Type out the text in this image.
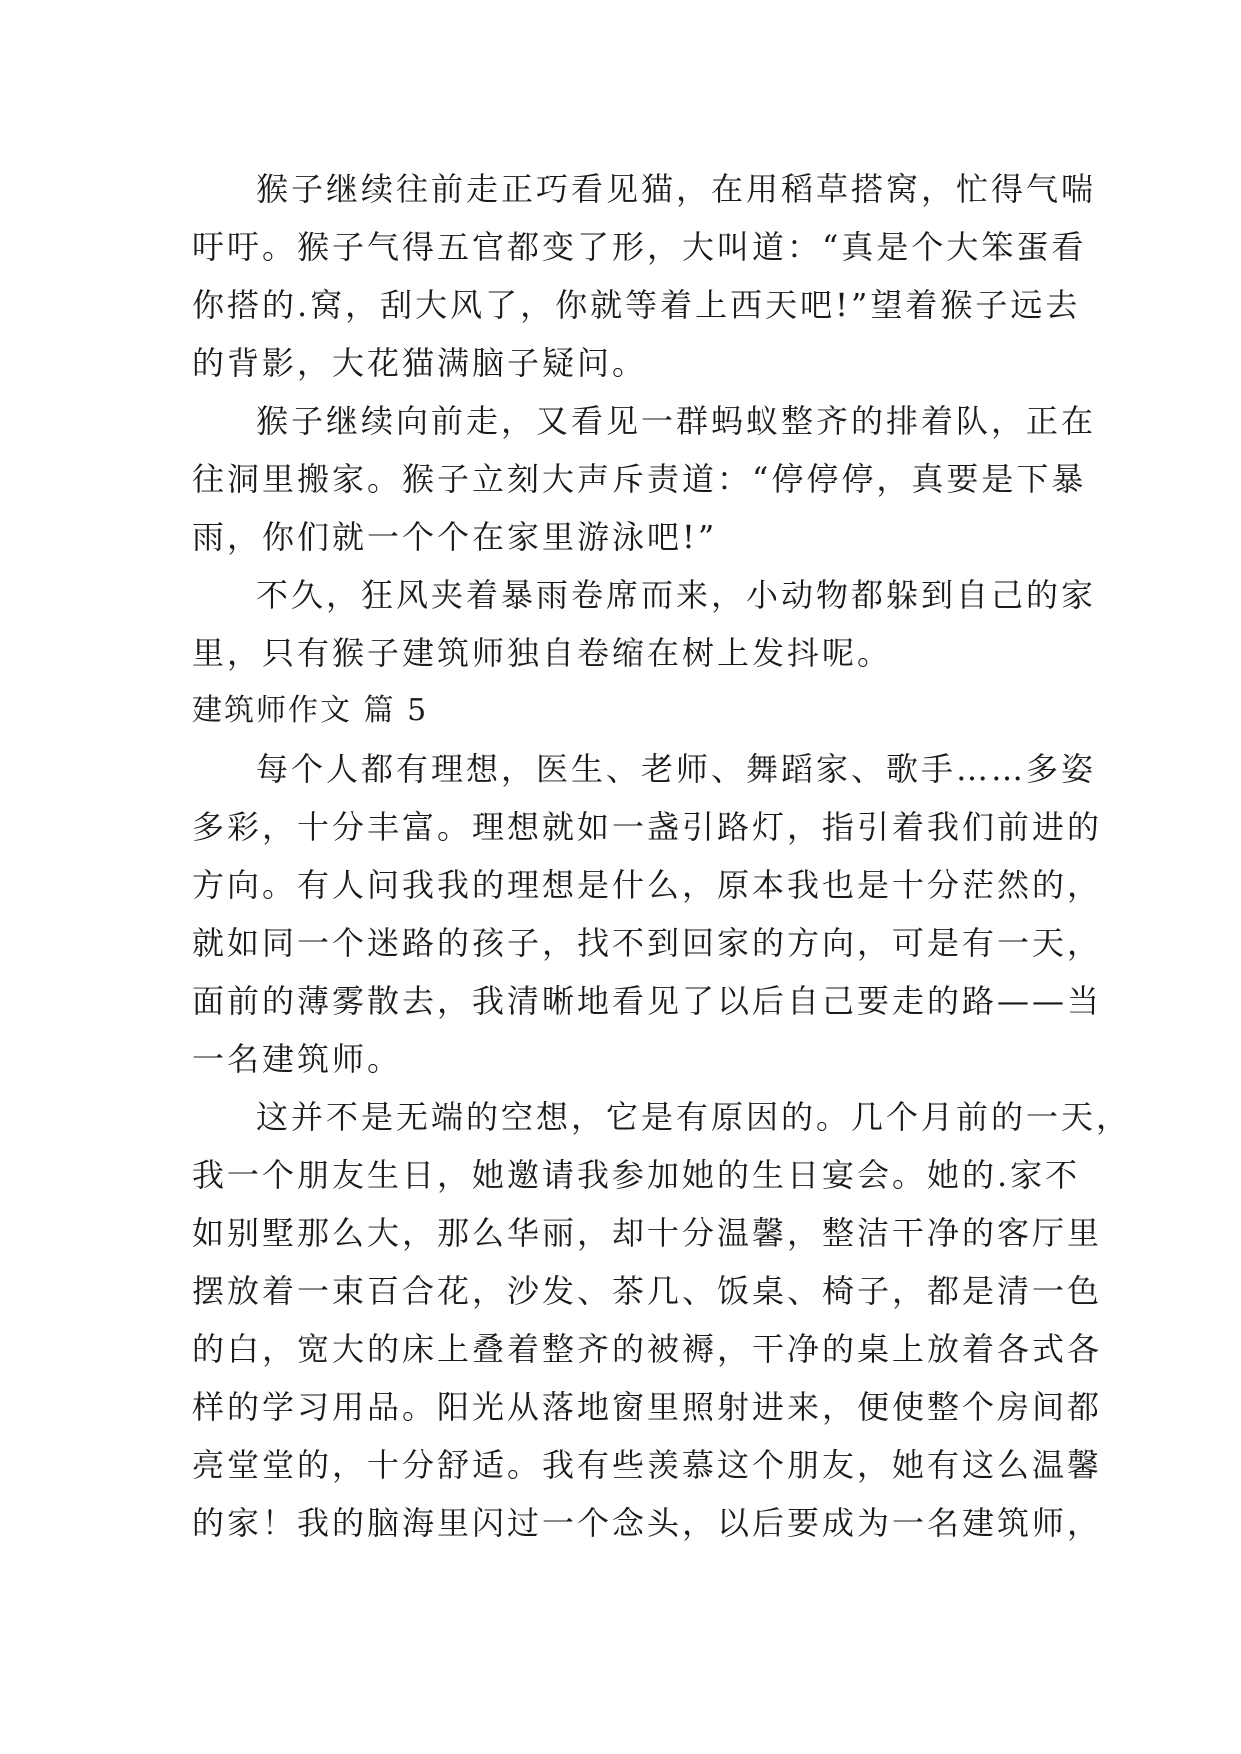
猴子继续往前走正巧看见猫，在用稻草搭窝，忙得气喘
吁吁。猴子气得五官都变了形，大叫道：“真是个大笨蛋看
你搭的.窝，刮大风了，你就等着上西天吧!”望着猴子远去
的背影，大花猫满脑子疑问。
猴子继续向前走，又看见一群蚂蚁整齐的排着队，正在
往洞里搬家。猴子立刻大声斥责道：“停停停，真要是下暴
雨，你们就一个个在家里游泳吧!”
不久，狂风夹着暴雨卷席而来，小动物都躲到自己的家
里，只有猴子建筑师独自卷缩在树上发抖呢。
建筑师作文 篇 5
每个人都有理想，医生、老师、舞蹈家、歌手……多姿
多彩，十分丰富。理想就如一盏引路灯，指引着我们前进的
方向。有人问我我的理想是什么，原本我也是十分茫然的，
就如同一个迷路的孩子，找不到回家的方向，可是有一天，
面前的薄雾散去，我清晰地看见了以后自己要走的路——当
一名建筑师。
这并不是无端的空想，它是有原因的。几个月前的一天，
我一个朋友生日，她邀请我参加她的生日宴会。她的.家不
如别墅那么大，那么华丽，却十分温馨，整洁干净的客厅里
摆放着一束百合花，沙发、茶几、饭桌、椅子，都是清一色
的白，宽大的床上叠着整齐的被褥，干净的桌上放着各式各
样的学习用品。阳光从落地窗里照射进来，便使整个房间都
亮堂堂的，十分舒适。我有些羡慕这个朋友，她有这么温馨
的家！我的脑海里闪过一个念头，以后要成为一名建筑师，
